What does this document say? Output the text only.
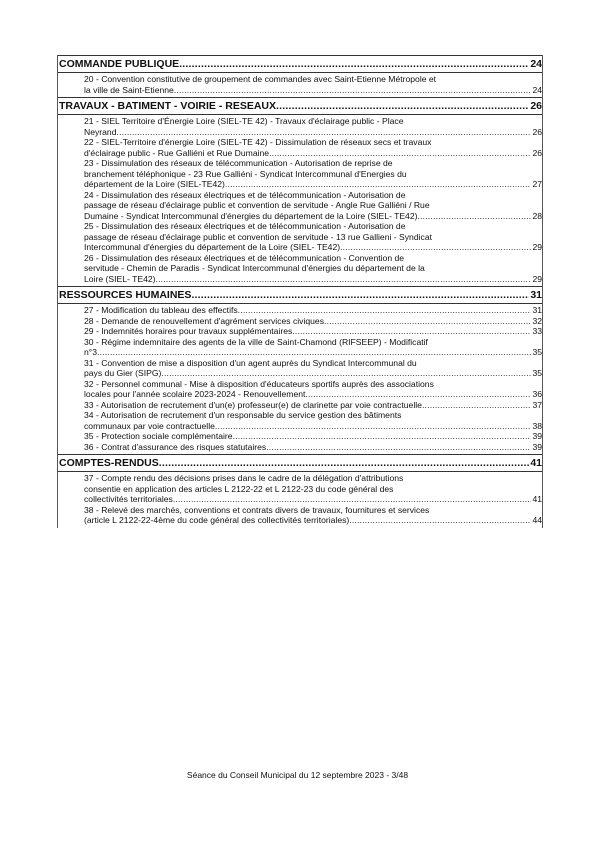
COMMANDE PUBLIQUE .....	24
20 - Convention constitutive de groupement de commandes avec Saint-Etienne Métropole et
la ville de Saint-Etienne .....	24
TRAVAUX - BATIMENT - VOIRIE - RESEAUX .....	26
21 - SIEL Territoire d'Énergie Loire (SIEL-TE 42) - Travaux d'éclairage public - Place
Neyrand .....	26
22 - SIEL-Territoire d'énergie Loire (SIEL-TE 42) - Dissimulation de réseaux secs et travaux
d'éclairage public - Rue Galliéni et Rue Dumaine .....	26
23 - Dissimulation des réseaux de télécommunication - Autorisation de reprise de
branchement téléphonique - 23 Rue Galliéni - Syndicat Intercommunal d'Energies du
département de la Loire (SIEL-TE42) .....	27
24 - Dissimulation des réseaux électriques et de télécommunication - Autorisation de
passage de réseau d'éclairage public et convention de servitude - Angle Rue Galliéni / Rue
Dumaine - Syndicat Intercommunal d'énergies du département de la Loire (SIEL- TE42) .....	28
25 - Dissimulation des réseaux électriques et de télécommunication - Autorisation de
passage de réseau d'éclairage public et convention de servitude - 13 rue Gallieni - Syndicat
Intercommunal d'énergies du département de la Loire (SIEL- TE42) .....	29
26 - Dissimulation des réseaux électriques et de télécommunication - Convention de
servitude - Chemin de Paradis - Syndicat Intercommunal d'énergies du département de la
Loire (SIEL- TE42) .....	29
RESSOURCES HUMAINES .....	31
27 - Modification du tableau des effectifs .....	31
28 - Demande de renouvellement d'agrément services civiques .....	32
29 - Indemnités horaires pour travaux supplémentaires .....	33
30 - Régime indemnitaire des agents de la ville de Saint-Chamond (RIFSEEP) - Modificatif
n°3 .....	35
31 - Convention de mise a disposition d'un agent auprès du Syndicat Intercommunal du
pays du Gier (SIPG) .....	35
32 - Personnel communal - Mise à disposition d'éducateurs sportifs auprès des associations
locales pour l'année scolaire 2023-2024 - Renouvellement .....	36
33 - Autorisation de recrutement d'un(e) professeur(e) de clarinette par voie contractuelle .....	37
34 - Autorisation de recrutement d'un responsable du service gestion des bâtiments
communaux par voie contractuelle .....	38
35 - Protection sociale complémentaire .....	39
36 - Contrat d'assurance des risques statutaires .....	39
COMPTES-RENDUS .....	41
37 - Compte rendu des décisions prises dans le cadre de la délégation d'attributions
consentie en application des articles L 2122-22 et L 2122-23 du code général des
collectivités territoriales .....	41
38 - Relevé des marchés, conventions et contrats divers de travaux, fournitures et services
(article L 2122-22-4ème du code général des collectivités territoriales) .....	44
Séance du Conseil Municipal du 12 septembre 2023 - 3/48
